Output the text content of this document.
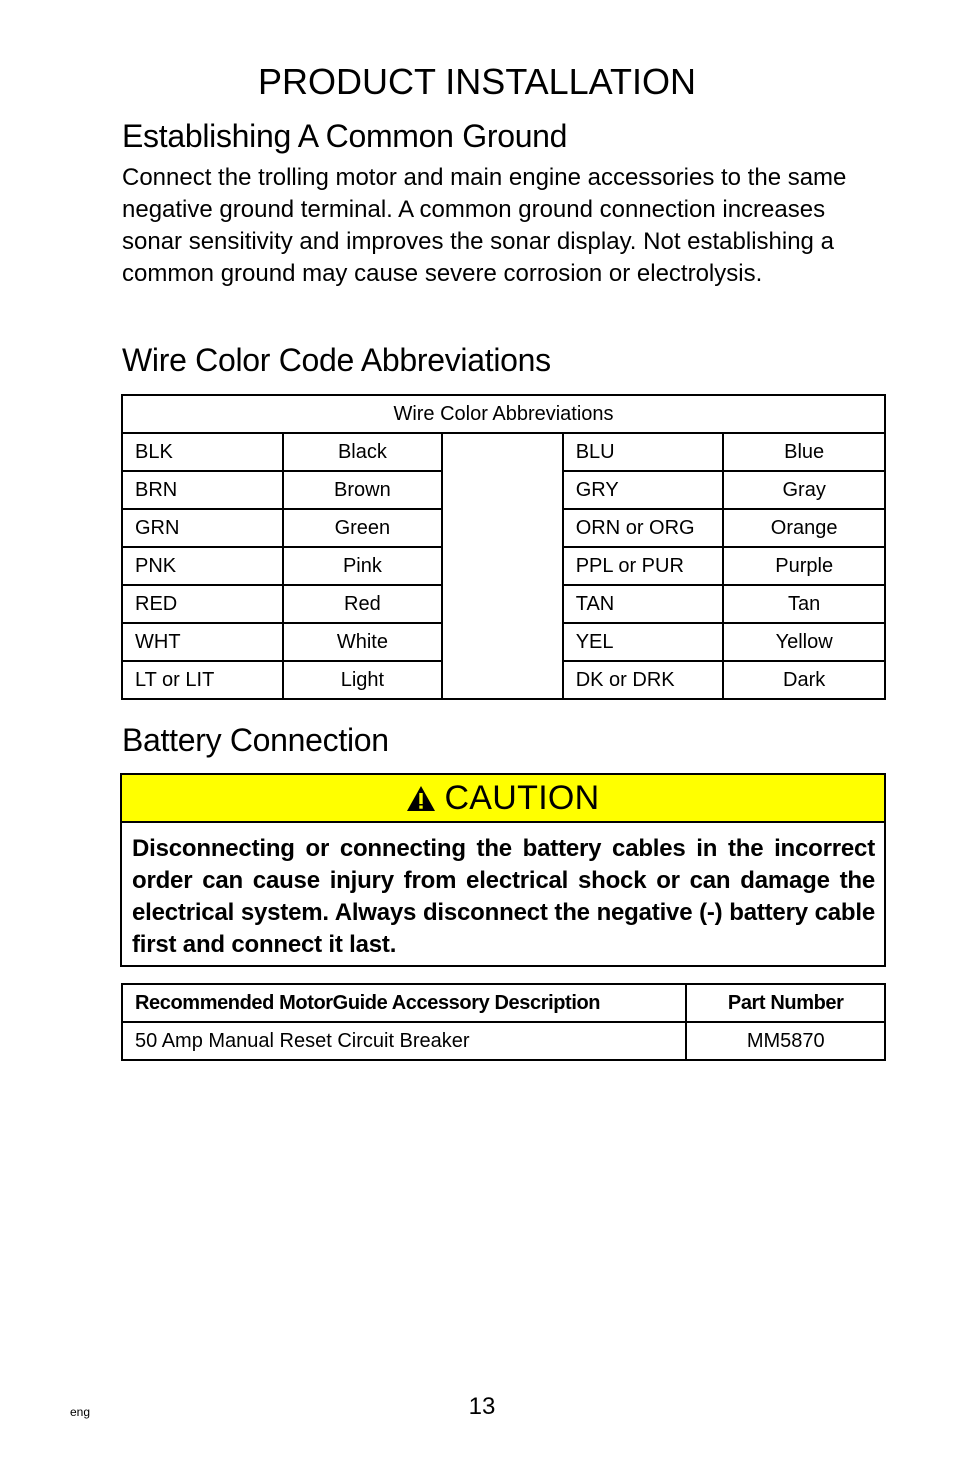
PRODUCT INSTALLATION
Establishing A Common Ground

Connect the trolling motor and main engine accessories to the same negative ground terminal. A common ground connection increases sonar sensitivity and improves the sonar display. Not establishing a common ground may cause severe corrosion or electrolysis.

Wire Color Code Abbreviations
Wire Color Abbreviations				
BLK	Black		BLU	Blue
BRN	Brown		GRY	Gray
GRN	Green		ORN or ORG	Orange
PNK	Pink		PPL or PUR	Purple
RED	Red		TAN	Tan
WHT	White		YEL	Yellow
LT or LIT	Light		DK or DRK	Dark
Battery Connection
CAUTION
Disconnecting or connecting the battery cables in the incorrect order can cause injury from electrical shock or can damage the electrical system. Always disconnect the negative (-) battery cable first and connect it last.
Recommended MotorGuide Accessory Description	Part Number
50 Amp Manual Reset Circuit Breaker	MM5870
eng	13
